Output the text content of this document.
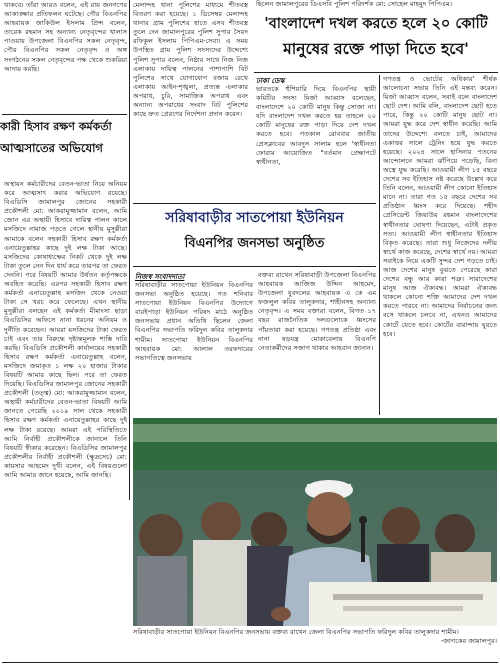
থাকবে। তাঁরা আরও বলেন, এই রায় জনগণের আকাঙ্ক্ষার প্রতিফলন ঘটেছে। পৌর বিএনপির আহবায়ক জাকিউল ইসলাম প্রিন্স বলেন, তারেক রহমান সহ অন্যান্য নেতৃবৃন্দের খালাস পাওয়ায় উপজেলা বিএনপির সকল নেতৃবৃন্দ, পৌর বিএনপির সকল নেতৃবৃন্দ ও অঙ্গ সংগঠনের সকল নেতৃবৃন্দের পক্ষ থেকে শুকরিয়া আদায় করছি।
কারী হিসাব রক্ষণ কর্মকর্তা
আত্মসাতের অভিযোগ
অস্থায়ন কর্মচারীদের বেতন-ভাতা নিয়ে অনিয়ম করে আত্মসাৎ করার অভিযোগ রয়েছে। বিএডিসি জামালপুর জোনের সহকারী প্রকৌশলী মো: আকরামুজ্জামান বলেন, আমি জোন এর অস্থায়ী হিসাবে দায়িত্ব পালন কালে মসজিদে নামাজ পড়তে গেলে স্থানীয় মুসুল্লীরা আমাকে বলেন সহকারী হিসাব রক্ষণ কর্মকর্তা এনায়েতুল্লাহর কাছে দুই লক্ষ টাকা আছে। মসজিদের কোষাধ্যক্ষের নিকট থেকে দুই লক্ষ টাকা তুলে নেন দিন ধার্য করে তারপর তা ফেরত দেননি। পরে বিষয়টি আমার উর্ধতন কর্তৃপক্ষকে অবহিত করেছি। এরপর সহকারী হিসাব রক্ষণ কর্মকর্তা এনায়েতুল্লাহ মসজিদ থেকে নেওয়া টাকা সে খরচ করে ফেলেছে। এখন স্থানীয় মুসুল্লীরা বলছেন এই কর্মকর্তা মীমাংসা ছাড়া বিএডিসির অফিসে নানা ধরনের অনিয়ম ও দুর্নীতি করেছেন। আমরা মসজিদের টাকা ফেরত চাই এবং তার বিরুদ্ধে দৃষ্টান্তমূলক শাস্তি দাবি করছি। বিএডিসি প্রকৌশলী কার্যালয়ের সহকারী হিসাব রক্ষণ কর্মকর্তা এনায়েতুল্লাহ বলেন, মসজিদে জমাকৃত ১ লক্ষ ২০ হাজার টাকার বিষয়টি আমার কাছে ছিল। পরে তা ফেরত দিয়েছি। বিএডিসির জামালপুর জোনের সহকারী প্রকৌশলী (তত্ত্ব) মো: আকরামুজ্জামান বলেন, অস্থায়ী কর্মচারীদের বেতন-ভাতা বিষয়টি আমি জানতে পেরেছি ২০১৯ সাল থেকে সহকারী হিসাব রক্ষণ কর্মকর্তা এনায়েতুল্লাহর কাছে দুই লক্ষ টাকা রয়েছে। আমরা এই পরিস্থিতিতে আমি নির্বাহী প্রকৌশলীকে জানালে তিনি বিষয়টি স্বীকার করেছেন। বিএডিসির জামালপুর প্রকৌশলীর নির্বাহী প্রকৌশলী (ক্ষুদ্রসেচ) মো: কায়সার আহমেদ দুখী বলেন, এই বিষয়গুলো আমি আমার জানে হয়েছে, আমি জানছি।
মেলান্দহ থানা পুলিশের মাধ্যমে শীতবস্ত্র বিতরণ করা হয়েছে। ১ ডিসেম্বর মেলান্দহ থানার গ্রাম পুলিশের হাতে এসব শীতবস্ত্র তুলে দেন জামালপুরের পুলিশ সুপার সৈয়দ রফিকুল ইসলাম পিপিএম-সেবা। এ সময় উপস্থিত গ্রাম পুলিশ সদস্যদের উদ্দেশ্যে পুলিশ সুপার বলেন, নিষ্ঠার সাথে নিজ নিজ এলাকায় দায়িত্ব পালনের পাশাপাশি বিট পুলিশের সাথে যোগাযোগ বজায় রেখে এলাকায় আইন-শৃঙ্খলা, প্রত্যন্ত এলাকার অপরাধ, চুরি, সামাজিক অপরাধ এবং অন্যান্য অপরাধের সংবাদ বিট পুলিশের কাছে দ্রুত প্রেরণের নির্দেশনা প্রদান করেন।
ছিলেন জামালপুরের ডিএসবি পুলিশ পরিদর্শক মো: সোহেল মাহমুদ পিপিএম।
'বাংলাদেশ দখল করতে হলে ২০ কোটি
মানুষের রক্তে পাড়া দিতে হবে'
ঢাকা ডেস্ক
ভারতকে হুঁশিয়ারি দিয়ে বিএনপির স্থায়ী কমিটির সদস্য মির্জা আব্বাস বলেছেন, বাংলাদেশে ২০ কোটি মানুষ কিন্তু সোজা না। যদি বাংলাদেশ দখল করতে হয় তাহলে ২০ কোটি মানুষের রক্ত পাড়া দিয়ে দেশ দখল করতে হবে। গতকাল রোববার জাতীয় প্রেসক্লাবের আবদুস সালাম হলে 'স্বাধীনতা ফোরাম আয়োজিত "বর্তমান প্রেক্ষাপটে স্বাধীনতা,
গণতন্ত্র ও ভোটের অধিকার' শীর্ষক আলোচনা সভায় তিনি এই মন্তব্য করেন। মির্জা আব্বাস বলেন, সবাই বলে বাংলাদেশ ছোট দেশ। আমি বলি, বাংলাদেশ ছোট হতে পারে, কিন্তু ২০ কোটি মানুষ ছোট না। আমরা যুদ্ধ করে দেশ স্বাধীন করেছি। আমি তাদের উদ্দেশ্যে বলতে চাই, আমাদের একাত্তর সালে ট্রেনিং হয়ে যুদ্ধ করতে হয়েছে। ২০২৪ সালে হাসিনার পতনের আন্দোলনে আমরা ঝাঁপিয়ে পড়েছি, বিনা অস্ত্রে যুদ্ধ করেছি। আওয়ামী লীগ ১৫ বছরে দেশের সব ইতিহাস নষ্ট করেছে উল্লেখ করে তিনি বলেন, আওয়ামী লীগ কোনো ইতিহাস মানে না। তারা গত ১৫ বছরে দেশের সব প্রতিষ্ঠান ধ্বংস করে দিয়েছে। শহীদ প্রেসিডেন্ট জিয়াউর রহমান বাংলাদেশের স্বাধীনতার ঘোষণা দিয়েছেন, এটাই প্রকৃত সত্য। আওয়ামী লীগ স্বাধীনতার ইতিহাস বিকৃত করেছে। তারা শুধু নিজেদের দলীয় স্বার্থে কাজ করেছে, দেশের স্বার্থে নয়। আমরা সবাইকে নিয়ে একটি সুন্দর দেশ গড়তে চাই। আজ দেশের মানুষ বুঝতে পেরেছে কারা দেশের বন্ধু আর কারা শত্রু। সারাদেশের মানুষ আজ ঐক্যবদ্ধ। আমরা ঐক্যবদ্ধ থাকলে কোনো শক্তি আমাদের দেশ দখল করতে পারবে না। আমাদের নির্বাচনের জন্য বসে থাকলে চলবে না, এখনও আমাদের কোর্টে যেতে হবে। কোর্টের বারান্দায় ঘুরতে হবে।
সরিষাবাড়ীর সাতপোয়া ইউনিয়ন
বিএনপির জনসভা অনুষ্ঠিত
নিজস্ব সংবাদদাতা
সরিষাবাড়ীর সাতপোয়া ইউনিয়ন বিএনপির জনসভা অনুষ্ঠিত হয়েছে। গত শনিবার সাতপোয়া ইউনিয়ন বিএনপির উদ্যোগে বারইপাড়া ইউনিয়ন পরিষদ মাঠে অনুষ্ঠিত জনসভায় প্রধান অতিথি ছিলেন জেলা বিএনপির সভাপতি ফরিদুল কবির তালুকদার শামীম। সাতপোয়া ইউনিয়ন বিএনপির আহবায়ক মো: আলাল তরফদারের সভাপতিত্বে জনসভায়
বক্তব্য রাখেন সরিষাবাড়ী উপজেলা বিএনপির আহবায়ক আজিজ উদ্দিন আহমেদ, উপজেলা যুবদলের আহবায়ক এ কে এম ফজলুল কবির তালুকদার, শাহীনসহ অন্যান্য নেতৃবৃন্দ। এ সময় বক্তারা বলেন, বিগত ১৭ বছর রাজনৈতিক দলগুলোকে ধ্বংসের পাঁয়তারা করা হয়েছে। গণতন্ত্র প্রতিষ্ঠা এবং নানা ষড়যন্ত্র মোকাবেলায় বিএনপি নেতাকর্মীদের সজাগ থাকার আহবান জানান।
সরিষাবাড়ীর সাতপোয়া ইউনিয়ন বিএনপির জনসভায় বক্তব্য রাখেন জেলা বিএনপির সভাপতি ফরিদুল কবির তালুকদার শামীম।
-জাগকের জামালপুর।
